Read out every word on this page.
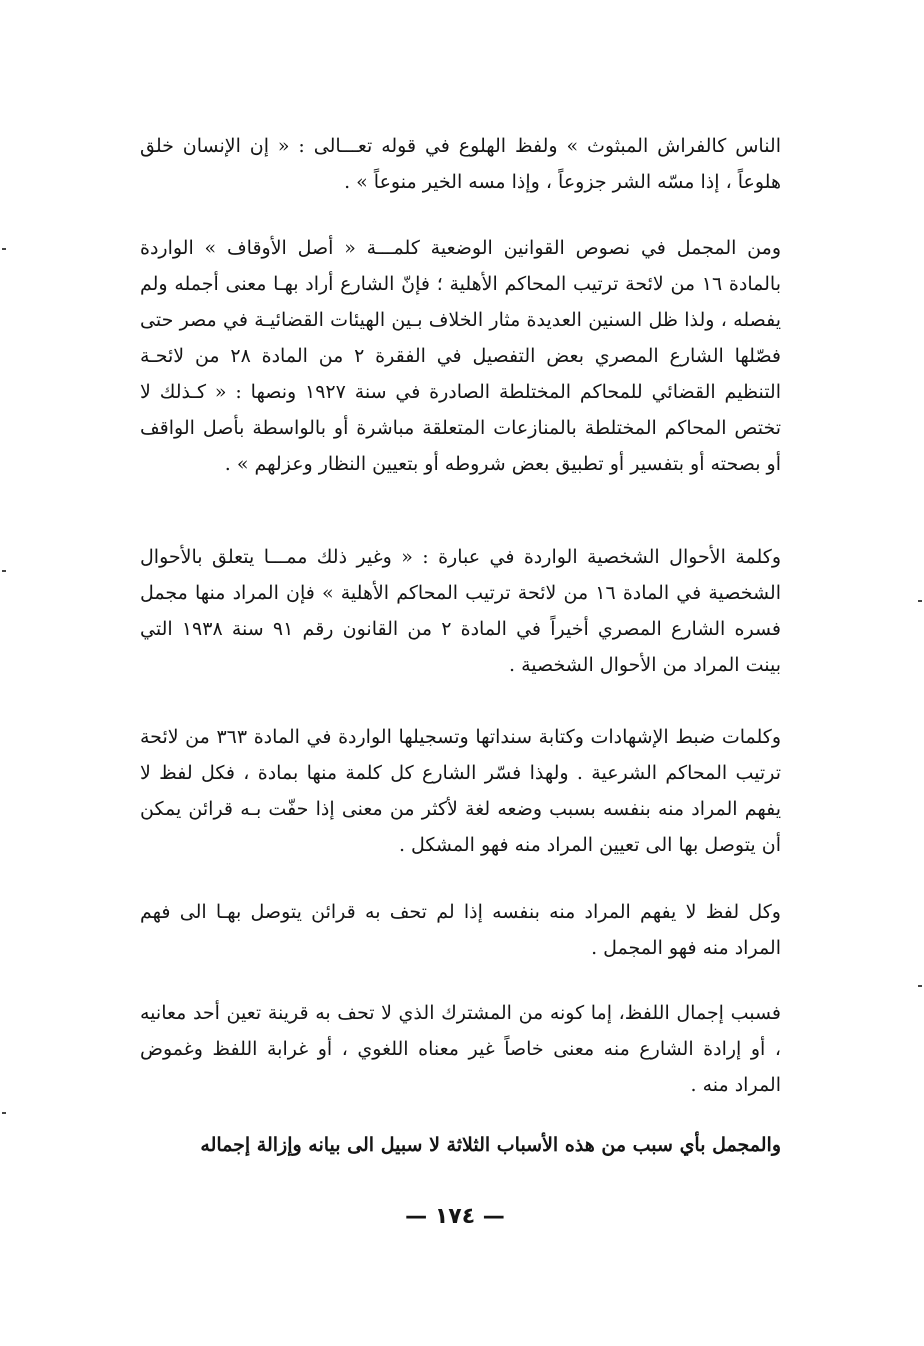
الناس كالفراش المبثوث » ولفظ الهلوع في قوله تعـــالى : « إن الإنسان خلق هلوعاً ، إذا مسّه الشر جزوعاً ، وإذا مسه الخير منوعاً » .

ومن المجمل في نصوص القوانين الوضعية كلمـــة « أصل الأوقاف » الواردة بالمادة ١٦ من لائحة ترتيب المحاكم الأهلية ؛ فإنّ الشارع أراد بهـا معنى أجمله ولم يفصله ، ولذا ظل السنين العديدة مثار الخلاف بـين الهيئات القضائيـة في مصر حتى فصّلها الشارع المصري بعض التفصيل في الفقرة ٢ من المادة ٢٨ من لائحـة التنظيم القضائي للمحاكم المختلطة الصادرة في سنة ١٩٢٧ ونصها : « كـذلك لا تختص المحاكم المختلطة بالمنازعات المتعلقة مباشرة أو بالواسطة بأصل الواقف أو بصحته أو بتفسير أو تطبيق بعض شروطه أو بتعيين النظار وعزلهم » .

وكلمة الأحوال الشخصية الواردة في عبارة : « وغير ذلك ممـــا يتعلق بالأحوال الشخصية في المادة ١٦ من لائحة ترتيب المحاكم الأهلية » فإن المراد منها مجمل فسره الشارع المصري أخيراً في المادة ٢ من القانون رقم ٩١ سنة ١٩٣٨ التي بينت المراد من الأحوال الشخصية .

وكلمات ضبط الإشهادات وكتابة سنداتها وتسجيلها الواردة في المادة ٣٦٣ من لائحة ترتيب المحاكم الشرعية . ولهذا فسّر الشارع كل كلمة منها بمادة ، فكل لفظ لا يفهم المراد منه بنفسه بسبب وضعه لغة لأكثر من معنى إذا حفّت بـه قرائن يمكن أن يتوصل بها الى تعيين المراد منه فهو المشكل .

وكل لفظ لا يفهم المراد منه بنفسه إذا لم تحف به قرائن يتوصل بهـا الى فهم المراد منه فهو المجمل .

فسبب إجمال اللفظ، إما كونه من المشترك الذي لا تحف به قرينة تعين أحد معانيه ، أو إرادة الشارع منه معنى خاصاً غير معناه اللغوي ، أو غرابة اللفظ وغموض المراد منه .

والمجمل بأي سبب من هذه الأسباب الثلاثة لا سبيل الى بيانه وإزالة إجماله

— ١٧٤ —
